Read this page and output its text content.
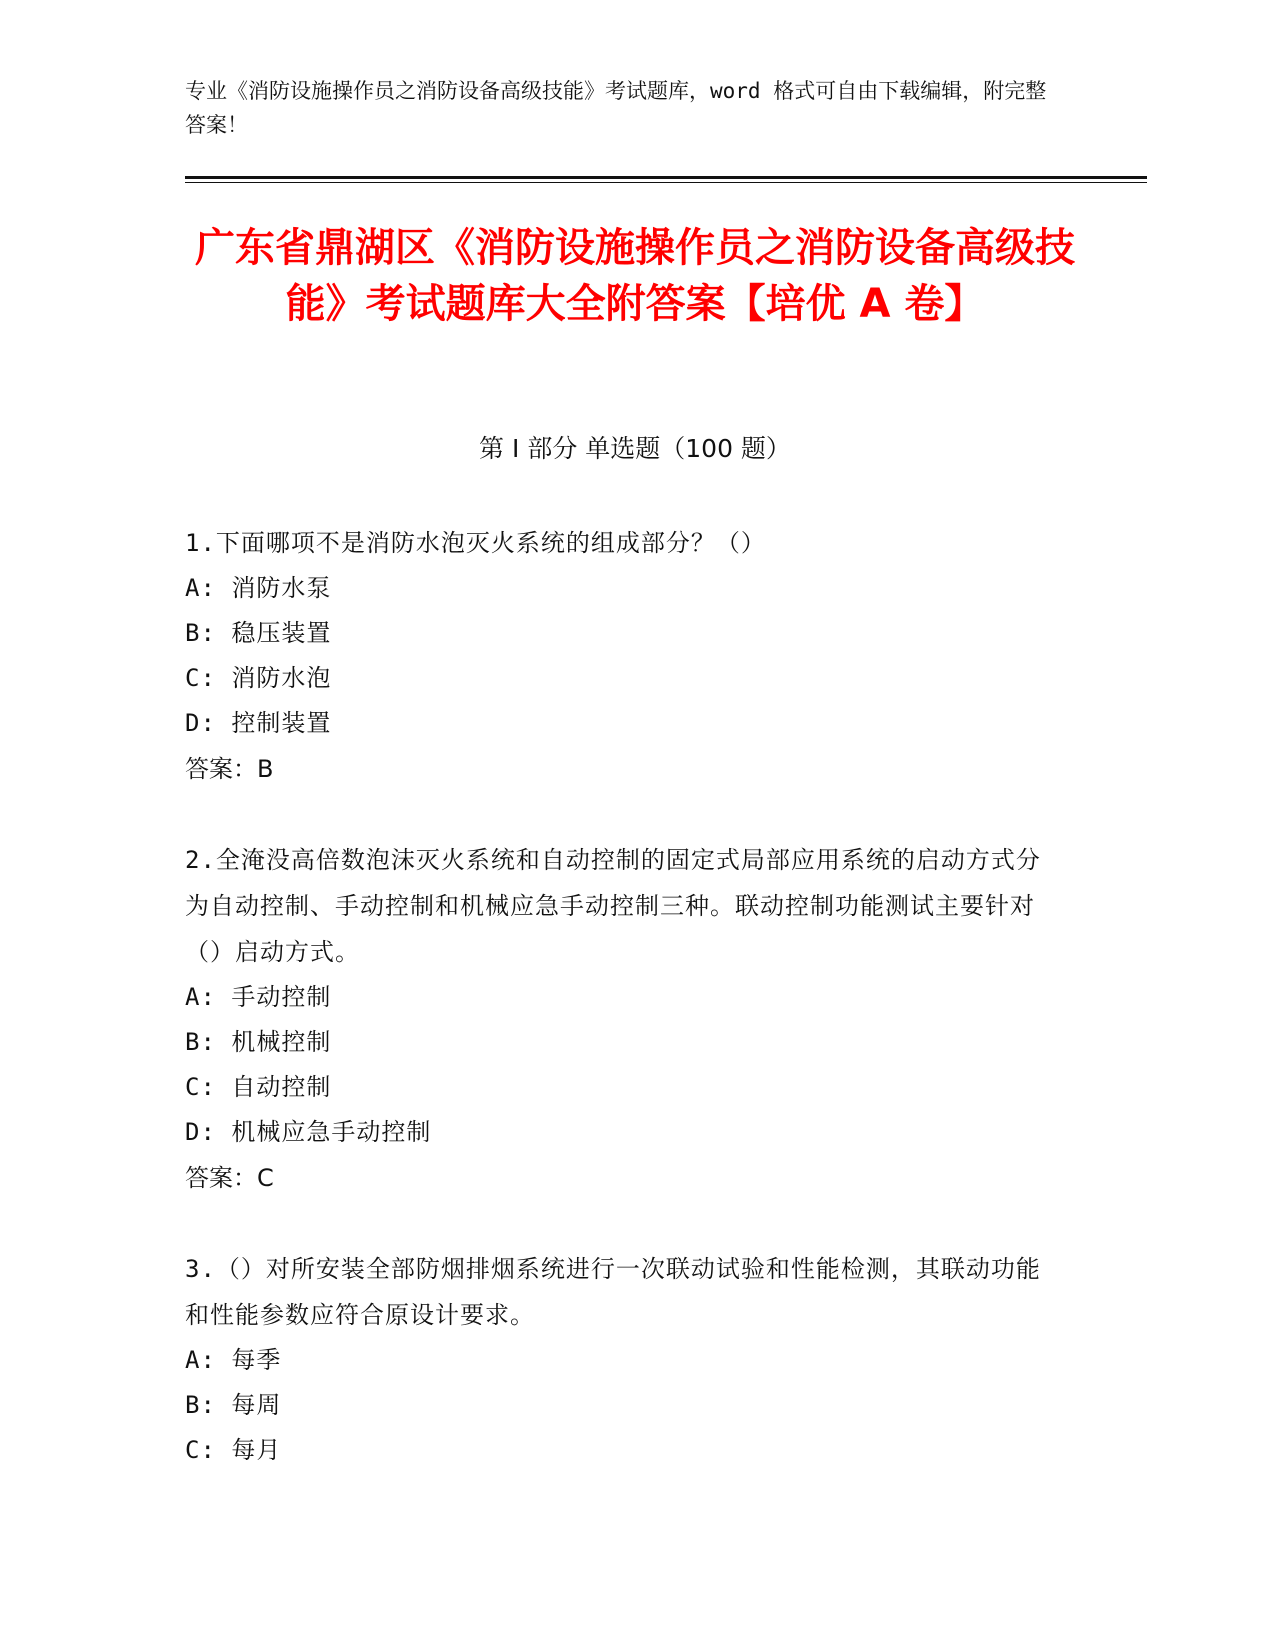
专业《消防设施操作员之消防设备高级技能》考试题库，word 格式可自由下载编辑，附完整答案！
广东省鼎湖区《消防设施操作员之消防设备高级技能》考试题库大全附答案【培优 A 卷】
第 I 部分 单选题（100 题）

1.下面哪项不是消防水泡灭火系统的组成部分？（）

A: 消防水泵

B: 稳压装置

C: 消防水泡

D: 控制装置

答案：B

2.全淹没高倍数泡沫灭火系统和自动控制的固定式局部应用系统的启动方式分为自动控制、手动控制和机械应急手动控制三种。联动控制功能测试主要针对（）启动方式。

A: 手动控制

B: 机械控制

C: 自动控制

D: 机械应急手动控制

答案：C

3.（）对所安装全部防烟排烟系统进行一次联动试验和性能检测，其联动功能和性能参数应符合原设计要求。

A: 每季

B: 每周

C: 每月
